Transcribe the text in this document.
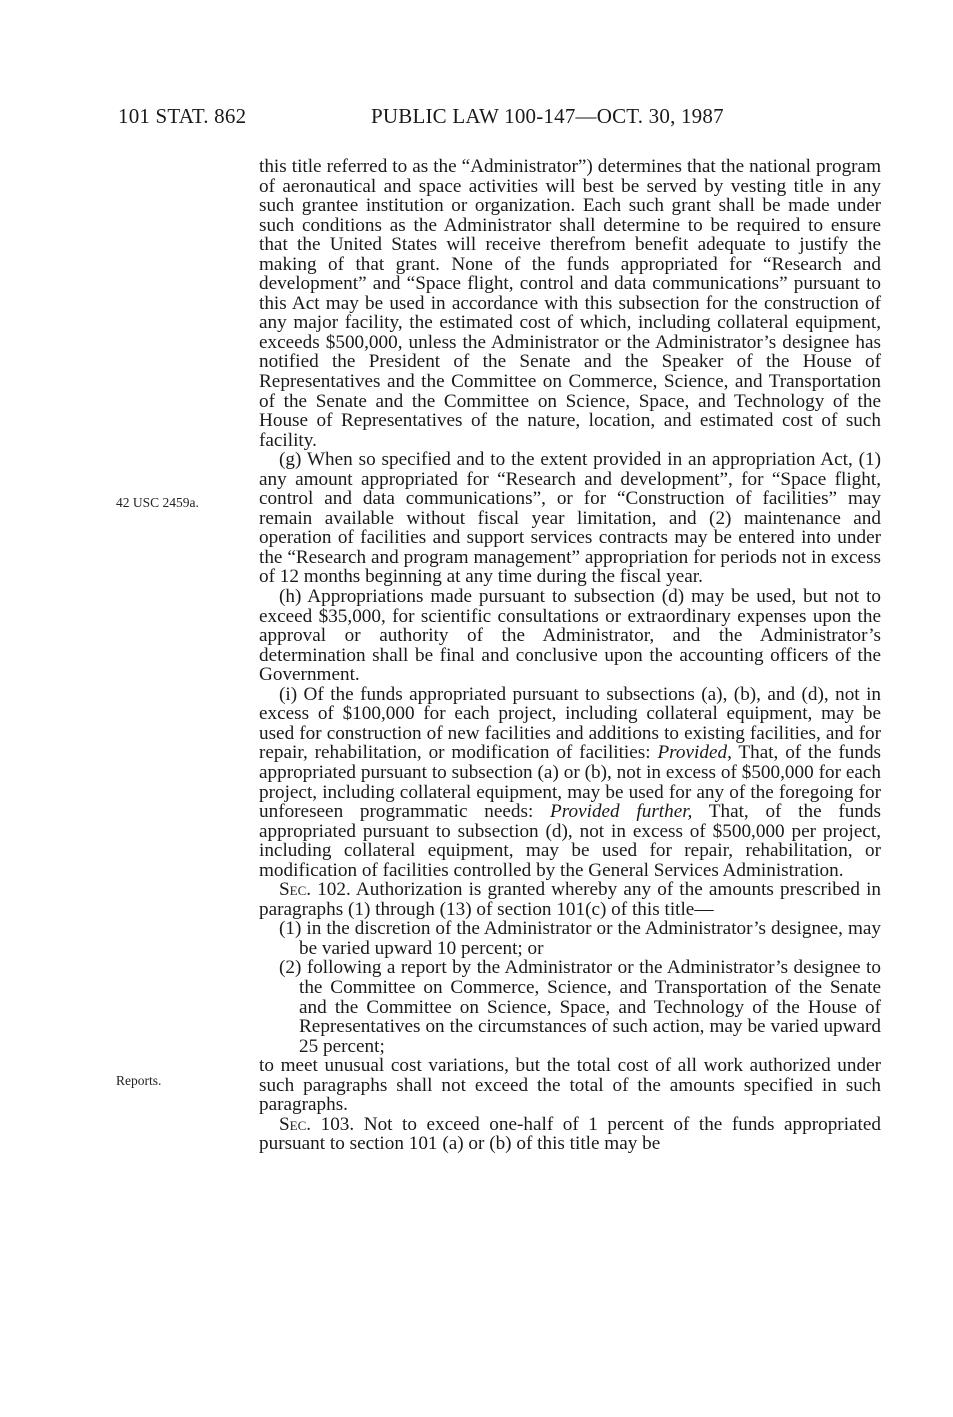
101 STAT. 862	PUBLIC LAW 100-147—OCT. 30, 1987
42 USC 2459a.
Reports.

this title referred to as the “Administrator”) determines that the national program of aeronautical and space activities will best be served by vesting title in any such grantee institution or organization. Each such grant shall be made under such conditions as the Administrator shall determine to be required to ensure that the United States will receive therefrom benefit adequate to justify the making of that grant. None of the funds appropriated for “Research and development” and “Space flight, control and data communications” pursuant to this Act may be used in accordance with this subsection for the construction of any major facility, the estimated cost of which, including collateral equipment, exceeds $500,000, unless the Administrator or the Administrator’s designee has notified the President of the Senate and the Speaker of the House of Representatives and the Committee on Commerce, Science, and Transportation of the Senate and the Committee on Science, Space, and Technology of the House of Representatives of the nature, location, and estimated cost of such facility.

(g) When so specified and to the extent provided in an appropriation Act, (1) any amount appropriated for “Research and development”, for “Space flight, control and data communications”, or for “Construction of facilities” may remain available without fiscal year limitation, and (2) maintenance and operation of facilities and support services contracts may be entered into under the “Research and program management” appropriation for periods not in excess of 12 months beginning at any time during the fiscal year.

(h) Appropriations made pursuant to subsection (d) may be used, but not to exceed $35,000, for scientific consultations or extraordinary expenses upon the approval or authority of the Administrator, and the Administrator’s determination shall be final and conclusive upon the accounting officers of the Government.

(i) Of the funds appropriated pursuant to subsections (a), (b), and (d), not in excess of $100,000 for each project, including collateral equipment, may be used for construction of new facilities and additions to existing facilities, and for repair, rehabilitation, or modification of facilities: Provided, That, of the funds appropriated pursuant to subsection (a) or (b), not in excess of $500,000 for each project, including collateral equipment, may be used for any of the foregoing for unforeseen programmatic needs: Provided further, That, of the funds appropriated pursuant to subsection (d), not in excess of $500,000 per project, including collateral equipment, may be used for repair, rehabilitation, or modification of facilities controlled by the General Services Administration.

Sec. 102. Authorization is granted whereby any of the amounts prescribed in paragraphs (1) through (13) of section 101(c) of this title—

(1) in the discretion of the Administrator or the Administrator’s designee, may be varied upward 10 percent; or

(2) following a report by the Administrator or the Administrator’s designee to the Committee on Commerce, Science, and Transportation of the Senate and the Committee on Science, Space, and Technology of the House of Representatives on the circumstances of such action, may be varied upward 25 percent;

to meet unusual cost variations, but the total cost of all work authorized under such paragraphs shall not exceed the total of the amounts specified in such paragraphs.

Sec. 103. Not to exceed one-half of 1 percent of the funds appropriated pursuant to section 101 (a) or (b) of this title may be
